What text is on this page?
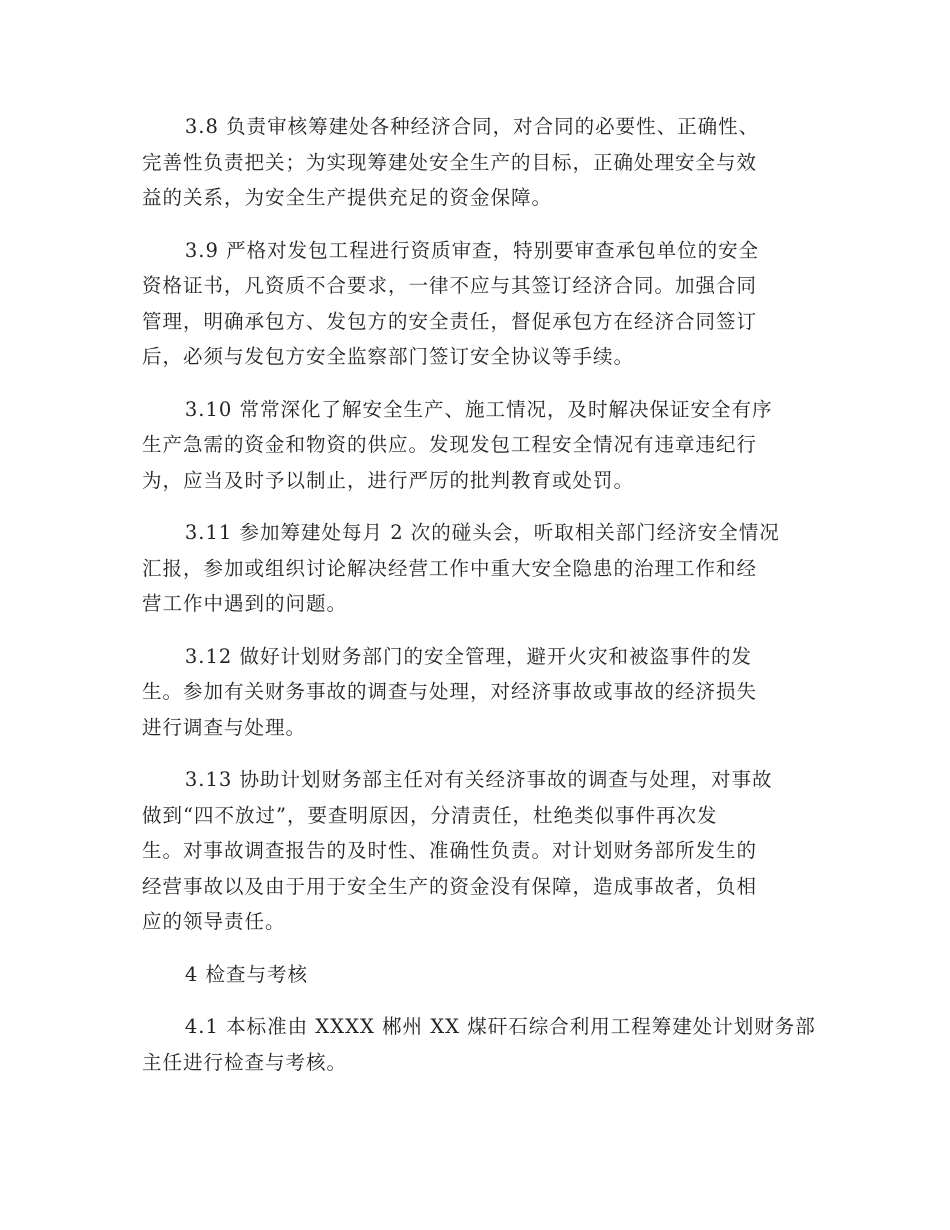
3.8 负责审核筹建处各种经济合同，对合同的必要性、正确性、
完善性负责把关；为实现筹建处安全生产的目标，正确处理安全与效
益的关系，为安全生产提供充足的资金保障。

3.9 严格对发包工程进行资质审查，特别要审查承包单位的安全
资格证书，凡资质不合要求，一律不应与其签订经济合同。加强合同
管理，明确承包方、发包方的安全责任，督促承包方在经济合同签订
后，必须与发包方安全监察部门签订安全协议等手续。

3.10 常常深化了解安全生产、施工情况，及时解决保证安全有序
生产急需的资金和物资的供应。发现发包工程安全情况有违章违纪行
为，应当及时予以制止，进行严厉的批判教育或处罚。

3.11 参加筹建处每月 2 次的碰头会，听取相关部门经济安全情况
汇报，参加或组织讨论解决经营工作中重大安全隐患的治理工作和经
营工作中遇到的问题。

3.12 做好计划财务部门的安全管理，避开火灾和被盗事件的发
生。参加有关财务事故的调查与处理，对经济事故或事故的经济损失
进行调查与处理。

3.13 协助计划财务部主任对有关经济事故的调查与处理，对事故
做到“四不放过”，要查明原因，分清责任，杜绝类似事件再次发
生。对事故调查报告的及时性、准确性负责。对计划财务部所发生的
经营事故以及由于用于安全生产的资金没有保障，造成事故者，负相
应的领导责任。

4 检查与考核

4.1 本标准由 XXXX 郴州 XX 煤矸石综合利用工程筹建处计划财务部
主任进行检查与考核。
